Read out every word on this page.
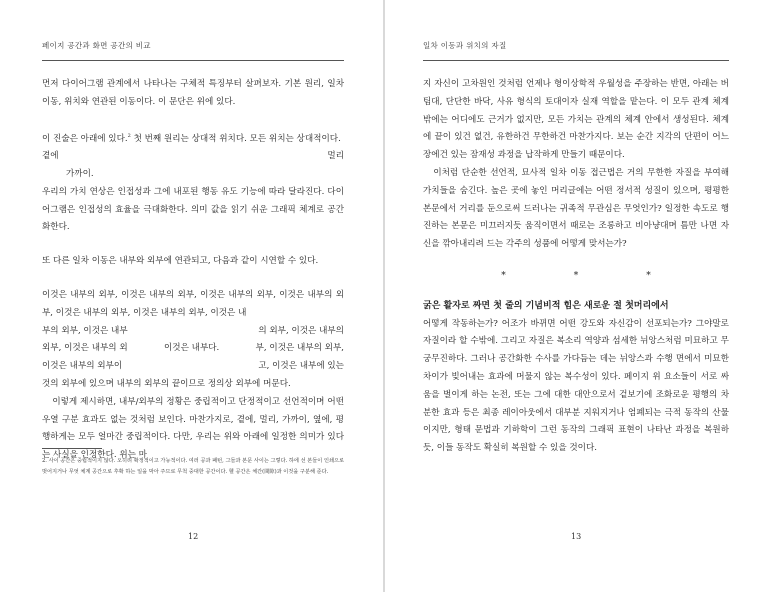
페이지 공간과 화면 공간의 비교

먼저 다이어그램 관계에서 나타나는 구체적 특징부터 살펴보자. 기본 원리, 일차 이동, 위치와 연관된 이동이다. 이 문단은 위에 있다.

이 진술은 아래에 있다.$^2$ 첫 번째 원리는 상대적 위치다. 모든 위치는 상대적이다.

곁에	멀리

가까이.

우리의 가치 연상은 인접성과 그에 내포된 행동 유도 기능에 따라 달라진다. 다이어그램은 인접성의 효율을 극대화한다. 의미 값을 읽기 쉬운 그래픽 체계로 공간화한다.

또 다른 일차 이동은 내부와 외부에 연관되고, 다음과 같이 시연할 수 있다.

이것은 내부의 외부, 이것은 내부의 외부, 이것은 내부의 외부, 이것은 내부의 외부, 이것은 내부의 외부, 이것은 내부의 외부, 이것은 내

부의 외부, 이것은 내부	의 외부, 이것은 내부의
외부, 이것은 내부의 외	이것은 내부다.	부, 이것은 내부의 외부,
이것은 내부의 외부이	고, 이것은 내부에 있는

것의 외부에 있으며 내부의 외부의 끝이므로 정의상 외부에 머문다.

이렇게 제시하면, 내부/외부의 정황은 중립적이고 단정적이고 선언적이며 어떤 우열 구분 효과도 없는 것처럼 보인다. 마찬가지로, 곁에, 멀리, 가까이, 옆에, 평행하게는 모두 얼마간 중립적이다. 다만, 우리는 위와 아래에 일정한 의미가 있다는 사실을 인정한다. 위는 마

2. 사이 공간은 중립적이지 않다. 오히려 확정적이고 가능적이다. 여러 공과 패턴, 그들과 본문 사이는 그렇다. 하에 선 본들이 인쇄으로 벗어지거나 무엇 체계 공간으로 후확 하는 일을 막아 주므로 무척 중대한 공간이다. 헬 공간은 체간(間隙)과 이것을 구분해 준다.
12
일차 이동과 위치의 자질

지 자신이 고차원인 것처럼 언제나 형이상학적 우월성을 주장하는 반면, 아래는 버팀대, 단단한 바닥, 사유 형식의 토대이자 실재 역할을 맡는다. 이 모두 관계 체계 밖에는 어디에도 근거가 없지만, 모든 가치는 관계의 체계 안에서 생성된다. 체계에 끝이 있건 없건, 유한하건 무한하건 마찬가지다. 보는 순간 지각의 단편이 어느 장에건 있는 잠재성 과정을 납작하게 만들기 때문이다.

이처럼 단순한 선언적, 묘사적 일차 이동 접근법은 거의 무한한 자질을 부여해 가치들을 숨긴다. 높은 곳에 놓인 머리글에는 어떤 정서적 성질이 있으며, 평평한 본문에서 거리를 둔으로써 드러나는 귀족적 무관심은 무엇인가? 일정한 속도로 행진하는 본문은 미끄러지듯 움직이면서 때로는 조롱하고 비아냥대며 틈만 나면 자신을 깎아내리려 드는 각주의 성품에 어떻게 맞서는가?

*	*	*

굵은 활자로 짜면 첫 줄의 기념비적 힘은 새로운 절 첫머리에서

어떻게 작동하는가? 어조가 바뀌면 어떤 강도와 자신감이 선포되는가? 그야말로 자질이라 할 수밖에. 그리고 자질은 복소리 역양과 섬세한 뉘앙스처럼 미묘하고 무궁무진하다. 그러나 공간화한 수사를 가다듬는 데는 뉘앙스과 수행 면에서 미묘한 차이가 빚어내는 효과에 머물지 않는 복수성이 있다. 페이지 위 요소들이 서로 싸움을 벌이게 하는 논전, 또는 그에 대한 대안으로서 겉보기에 조화로운 평행의 차분한 효과 등은 최종 레이아웃에서 대부분 지워지거나 엄폐되는 극적 동작의 산물이지만, 형태 문법과 기하학이 그런 동작의 그래픽 표현이 나타난 과정을 복원하듯, 이들 동작도 확실히 복원할 수 있을 것이다.

13
